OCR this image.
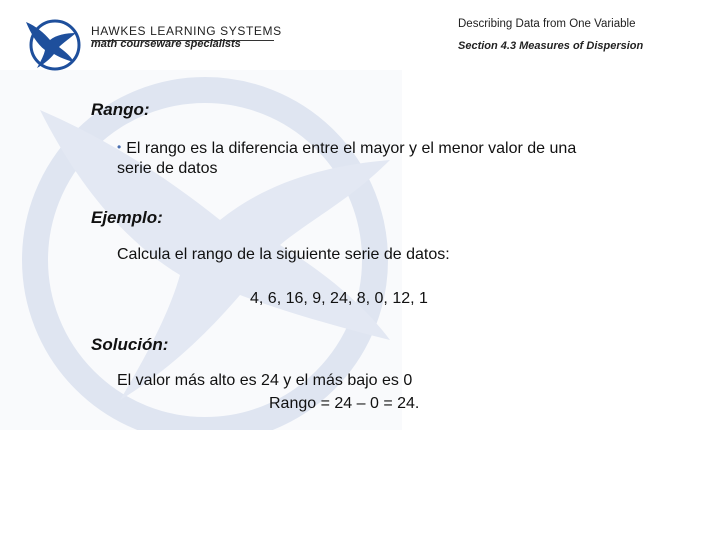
HAWKES LEARNING SYSTEMS
math courseware specialists
Describing Data from One Variable
Section 4.3 Measures of Dispersion
Rango:
• El rango es la diferencia entre el mayor y el menor valor de una
serie de datos
Ejemplo:
Calcula el rango de la siguiente serie de datos:
4, 6, 16, 9, 24, 8, 0, 12, 1
Solución:
El valor más alto es 24 y el más bajo es 0
Rango = 24 – 0 = 24.
